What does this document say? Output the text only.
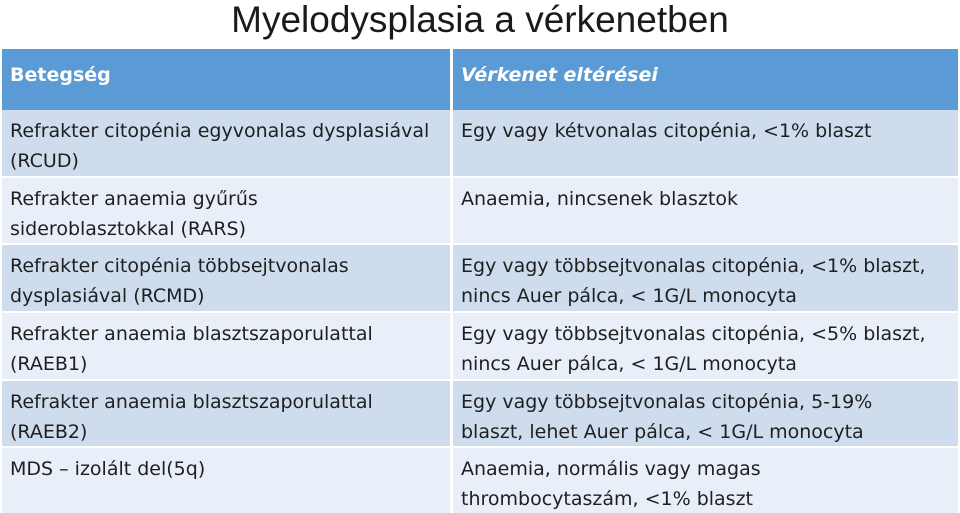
Myelodysplasia a vérkenetben
Betegség	Vérkenet eltérései
Refrakter citopénia egyvonalas dysplasiával
(RCUD)
Egy vagy kétvonalas citopénia, <1% blaszt
Refrakter anaemia gyűrűs
sideroblasztokkal (RARS)
Anaemia, nincsenek blasztok
Refrakter citopénia többsejtvonalas
dysplasiával (RCMD)
Egy vagy többsejtvonalas citopénia, <1% blaszt,
nincs Auer pálca, < 1G/L monocyta
Refrakter anaemia blasztszaporulattal
(RAEB1)
Egy vagy többsejtvonalas citopénia, <5% blaszt,
nincs Auer pálca, < 1G/L monocyta
Refrakter anaemia blasztszaporulattal
(RAEB2)
Egy vagy többsejtvonalas citopénia, 5-19%
blaszt, lehet Auer pálca, < 1G/L monocyta
MDS – izolált del(5q)	Anaemia, normális vagy magas
thrombocytaszám, <1% blaszt
